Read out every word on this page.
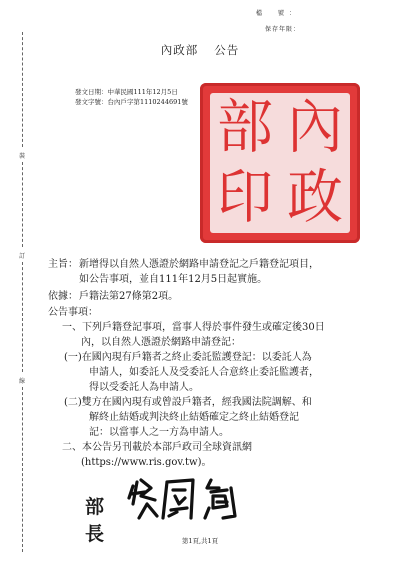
檔　號：
保存年限：
內政部 公告
發文日期：中華民國111年12月5日
發文字號：台內戶字第1110244691號
裝
訂
線
內
政
部
印
主旨： 新增得以自然人憑證於網路申請登記之戶籍登記項目，
如公告事項，並自111年12月5日起實施。
依據： 戶籍法第27條第2項。
公告事項：
一、下列戶籍登記事項，當事人得於事件發生或確定後30日
內，以自然人憑證於網路申請登記：
(一)在國內現有戶籍者之終止委託監護登記：以委託人為
申請人，如委託人及受委託人合意終止委託監護者，
得以受委託人為申請人。
(二)雙方在國內現有或曾設戶籍者，經我國法院調解、和
解終止結婚或判決終止結婚確定之終止結婚登記
記：以當事人之一方為申請人。
二、本公告另刊載於本部戶政司全球資訊網
(https://www.ris.gov.tw)。
部長	第1頁,共1頁
